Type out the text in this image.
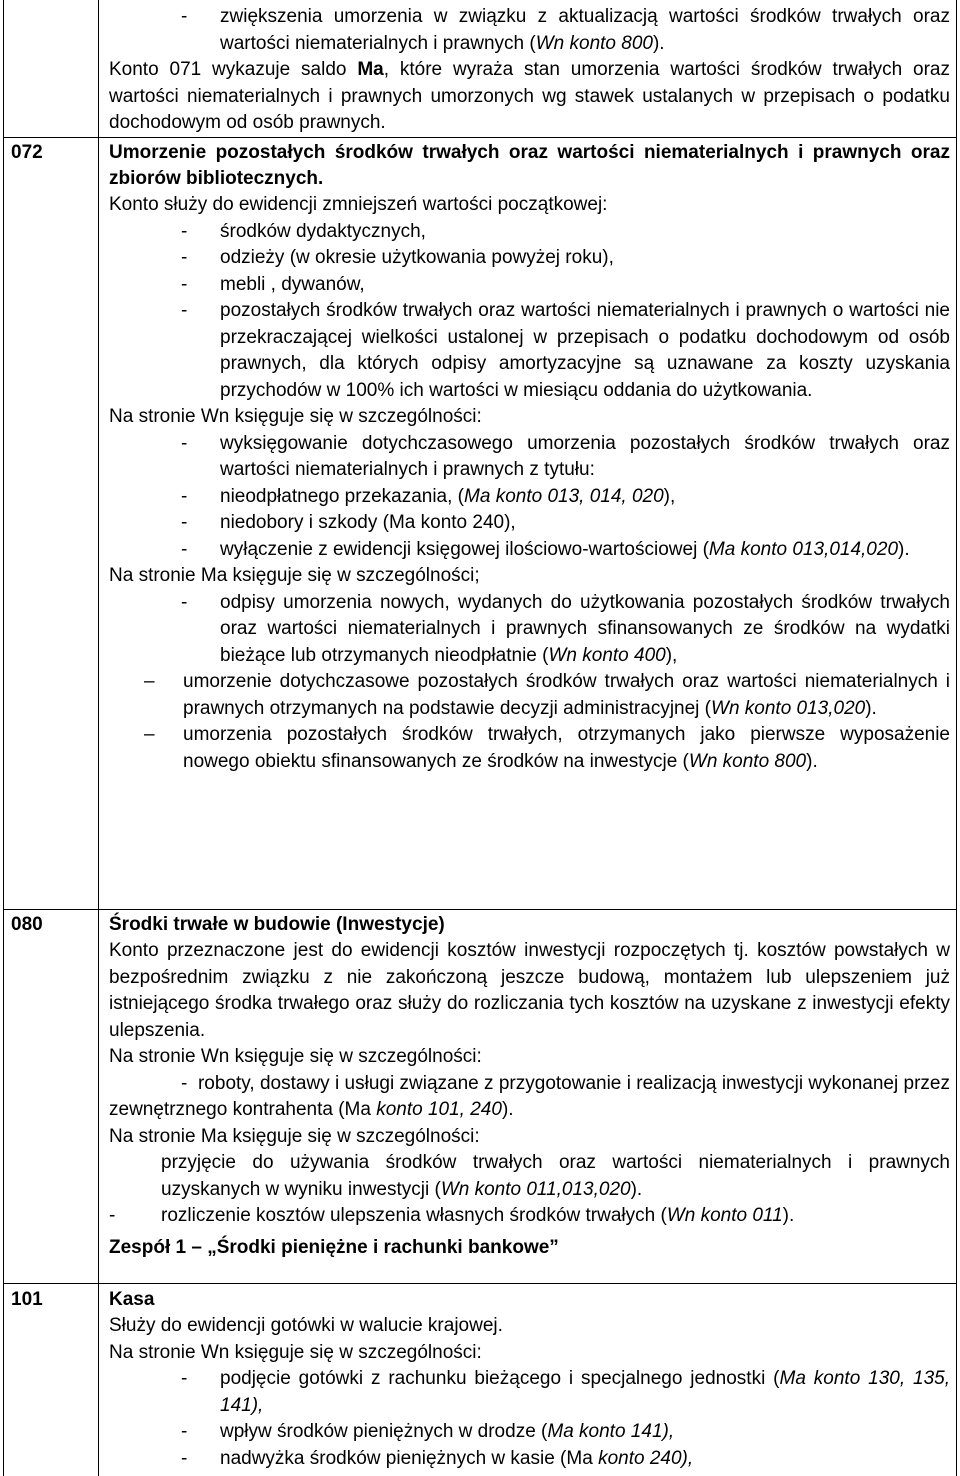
-	zwiększenia umorzenia w związku z aktualizacją wartości środków trwałych oraz wartości niematerialnych i prawnych (Wn konto 800).

Konto 071 wykazuje saldo Ma, które wyraża stan umorzenia wartości środków trwałych oraz wartości niematerialnych i prawnych umorzonych wg stawek ustalanych w przepisach o podatku dochodowym od osób prawnych.

072	Umorzenie pozostałych środków trwałych oraz wartości niematerialnych i prawnych oraz zbiorów bibliotecznych.

Konto służy do ewidencji zmniejszeń wartości początkowej:

-	środków dydaktycznych,
-	odzieży (w okresie użytkowania powyżej roku),
-	mebli , dywanów,
-	pozostałych środków trwałych oraz wartości niematerialnych i prawnych o wartości nie przekraczającej wielkości ustalonej w przepisach o podatku dochodowym od osób prawnych, dla których odpisy amortyzacyjne są uznawane za koszty uzyskania przychodów w 100% ich wartości w miesiącu oddania do użytkowania.

Na stronie Wn księguje się w szczególności:

-	wyksięgowanie dotychczasowego umorzenia pozostałych środków trwałych oraz wartości niematerialnych i prawnych z tytułu:
-	nieodpłatnego przekazania, (Ma konto 013, 014, 020),
-	niedobory i szkody (Ma konto 240),
-	wyłączenie z ewidencji księgowej ilościowo-wartościowej (Ma konto 013,014,020).

Na stronie Ma księguje się w szczególności;

-	odpisy umorzenia nowych, wydanych do użytkowania pozostałych środków trwałych oraz wartości niematerialnych i prawnych sfinansowanych ze środków na wydatki bieżące lub otrzymanych nieodpłatnie (Wn konto 400),
–	umorzenie dotychczasowe pozostałych środków trwałych oraz wartości niematerialnych i prawnych otrzymanych na podstawie decyzji administracyjnej (Wn konto 013,020).
–	umorzenia pozostałych środków trwałych, otrzymanych jako pierwsze wyposażenie nowego obiektu sfinansowanych ze środków na inwestycje (Wn konto 800).
080	Środki trwałe w budowie (Inwestycje)

Konto przeznaczone jest do ewidencji kosztów inwestycji rozpoczętych tj. kosztów powstałych w bezpośrednim związku z nie zakończoną jeszcze budową, montażem lub ulepszeniem już istniejącego środka trwałego oraz służy do rozliczania tych kosztów na uzyskane z inwestycji efekty ulepszenia.

Na stronie Wn księguje się w szczególności:

- roboty, dostawy i usługi związane z przygotowanie i realizacją inwestycji wykonanej przez zewnętrznego kontrahenta (Ma konto 101, 240).

Na stronie Ma księguje się w szczególności:

przyjęcie do używania środków trwałych oraz wartości niematerialnych i prawnych uzyskanych w wyniku inwestycji (Wn konto 011,013,020).

-	rozliczenie kosztów ulepszenia własnych środków trwałych (Wn konto 011).

Zespół 1 – „Środki pieniężne i rachunki bankowe”

101	Kasa

Służy do ewidencji gotówki w walucie krajowej.

Na stronie Wn księguje się w szczególności:

-	podjęcie gotówki z rachunku bieżącego i specjalnego jednostki (Ma konto 130, 135, 141),
-	wpływ środków pieniężnych w drodze (Ma konto 141),
-	nadwyżka środków pieniężnych w kasie (Ma konto 240),
